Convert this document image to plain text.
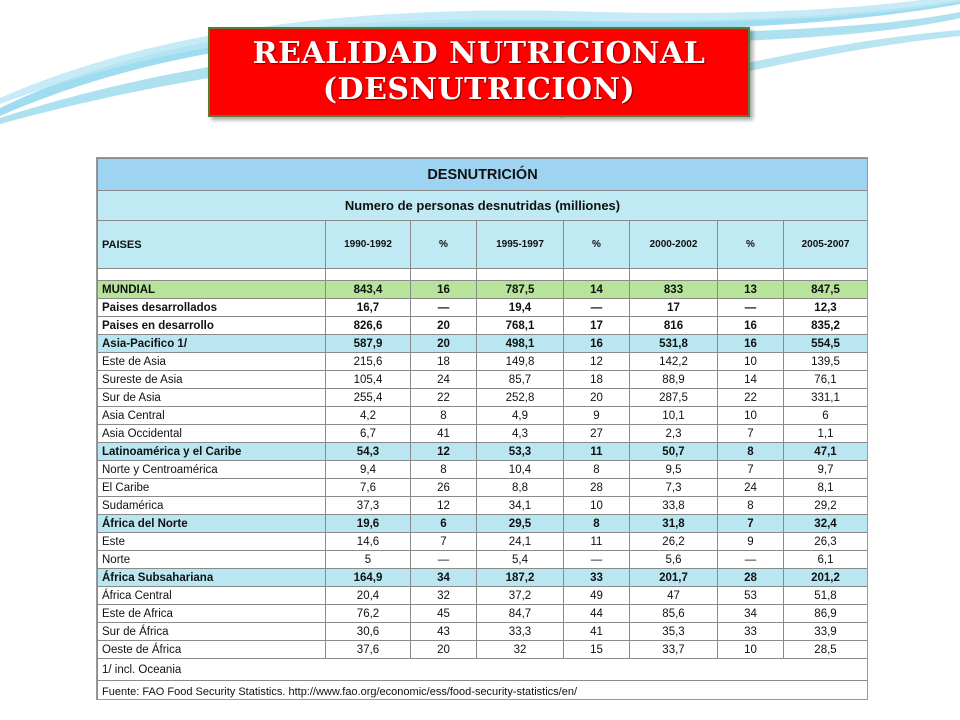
REALIDAD NUTRICIONAL
(DESNUTRICION)
DESNUTRICIÓN							
Numero de personas desnutridas (milliones)							
PAISES	1990-1992	%	1995-1997	%	2000-2002	%	2005-2007

MUNDIAL	843,4	16	787,5	14	833	13	847,5
Paises desarrollados	16,7	—	19,4	—	17	—	12,3
Paises en desarrollo	826,6	20	768,1	17	816	16	835,2
Asia-Pacifico 1/	587,9	20	498,1	16	531,8	16	554,5
Este de Asia	215,6	18	149,8	12	142,2	10	139,5
Sureste de Asia	105,4	24	85,7	18	88,9	14	76,1
Sur de Asia	255,4	22	252,8	20	287,5	22	331,1
Asia Central	4,2	8	4,9	9	10,1	10	6
Asia Occidental	6,7	41	4,3	27	2,3	7	1,1
Latinoamérica y el Caribe	54,3	12	53,3	11	50,7	8	47,1
Norte y Centroamérica	9,4	8	10,4	8	9,5	7	9,7
El Caribe	7,6	26	8,8	28	7,3	24	8,1
Sudamérica	37,3	12	34,1	10	33,8	8	29,2
África del Norte	19,6	6	29,5	8	31,8	7	32,4
Este	14,6	7	24,1	11	26,2	9	26,3
Norte	5	—	5,4	—	5,6	—	6,1
África Subsahariana	164,9	34	187,2	33	201,7	28	201,2
África Central	20,4	32	37,2	49	47	53	51,8
Este de Africa	76,2	45	84,7	44	85,6	34	86,9
Sur de África	30,6	43	33,3	41	35,3	33	33,9
Oeste de África	37,6	20	32	15	33,7	10	28,5
1/ incl. Oceania							
Fuente: FAO Food Security Statistics. http://www.fao.org/economic/ess/food-security-statistics/en/							
